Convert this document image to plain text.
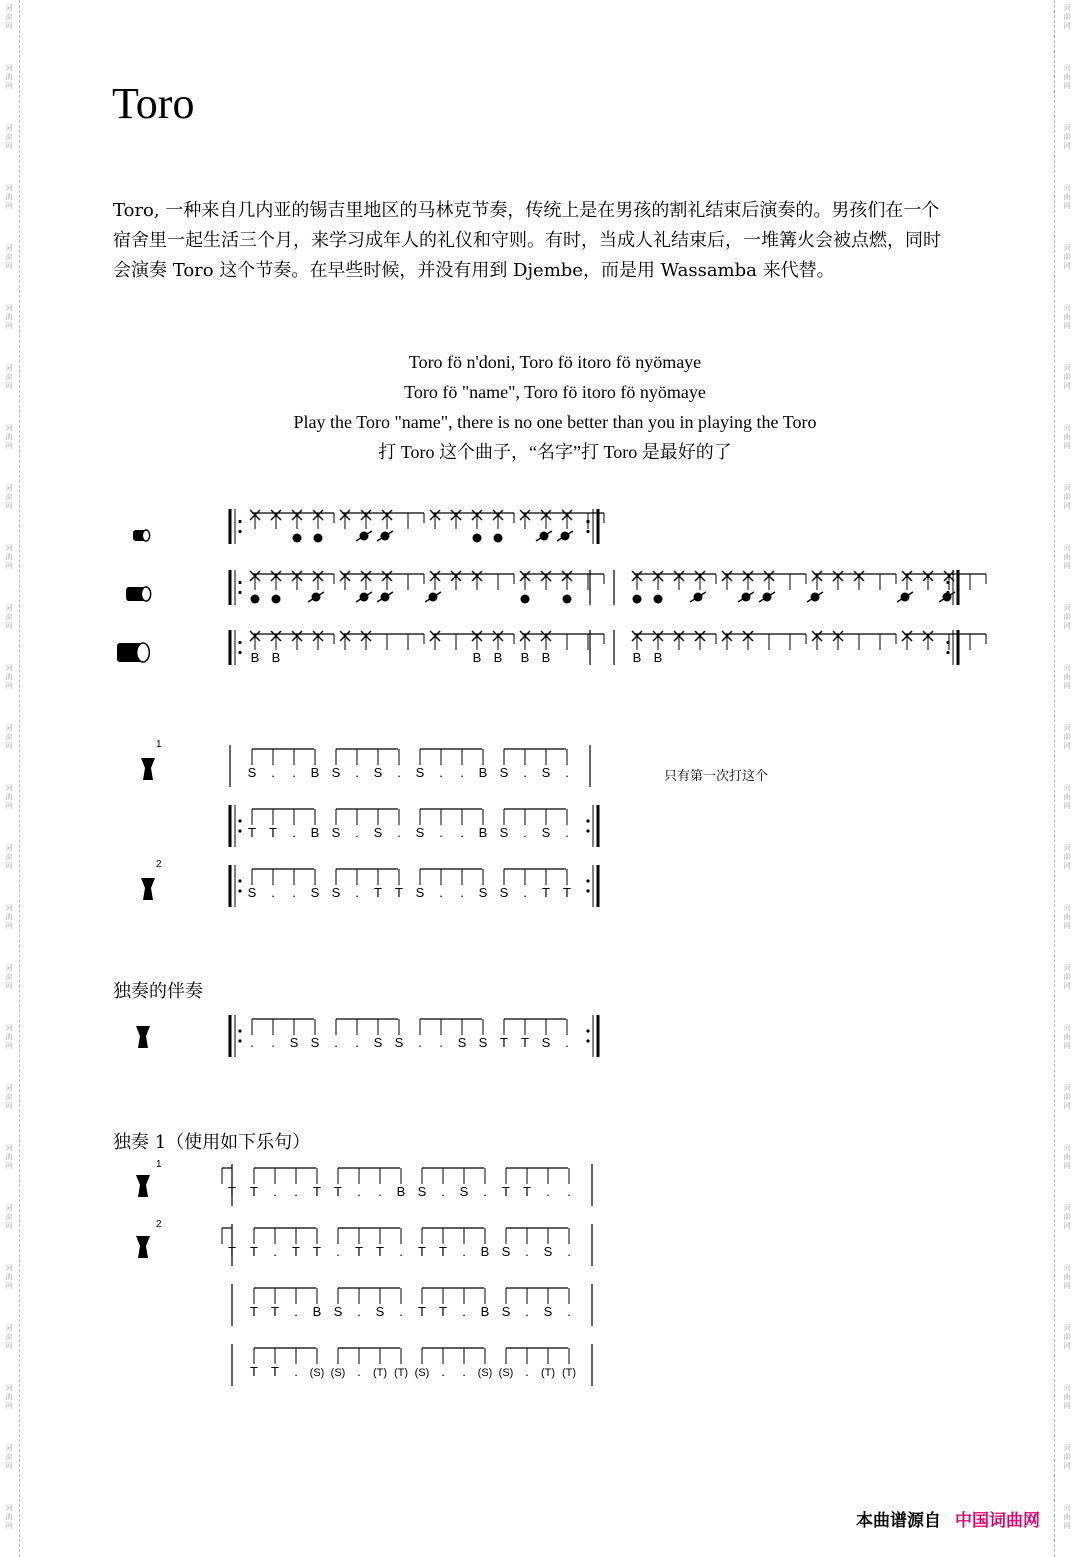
词
曲
网
词
曲
网
词
曲
网
词
曲
网
词
曲
网
词
曲
网
词
曲
网
词
曲
网
词
曲
网
词
曲
网
词
曲
网
词
曲
网
词
曲
网
词
曲
网
词
曲
网
词
曲
网
词
曲
网
词
曲
网
词
曲
网
词
曲
网
词
曲
网
词
曲
网
词
曲
网
词
曲
网
词
曲
网
词
曲
网
词
曲
网
词
曲
网
词
曲
网
词
曲
网
词
曲
网
词
曲
网
词
曲
网
词
曲
网
词
曲
网
词
曲
网
词
曲
网
词
曲
网
词
曲
网
词
曲
网
词
曲
网
词
曲
网
词
曲
网
词
曲
网
词
曲
网
词
曲
网
词
曲
网
词
曲
网
词
曲
网
词
曲
网
词
曲
网
词
曲
网
Toro

Toro, 一种来自几内亚的锡吉里地区的马林克节奏，传统上是在男孩的割礼结束后演奏的。男孩们在一个宿舍里一起生活三个月，来学习成年人的礼仪和守则。有时，当成人礼结束后，一堆篝火会被点燃，同时会演奏 Toro 这个节奏。在早些时候，并没有用到 Djembe，而是用 Wassamba 来代替。

Toro fö n'doni, Toro fö itoro fö nyömaye
Toro fö "name", Toro fö itoro fö nyömaye
Play the Toro "name", there is no one better than you in playing the Toro
打 Toro 这个曲子，“名字”打 Toro 是最好的了
独奏的伴奏
独奏 1（使用如下乐句）
B B	B B B B	B B
S . . B S . S . S . . B S . S .
T T . B S . S . S . . B S . S .
S . . S S . T T S . . S S . T T
. . S S . . S S . . S S T T S .
T T . . T T . . B S . S . T T . .
T T . T T . T T . T T . B S . S .
T T . B S . S . T T . B S . S .
T T . (S) (S) . (T) (T) (S) . . (S) (S) . (T) (T)
只有第一次打这个
1
2
1
2
本曲谱源自 中国词曲网
